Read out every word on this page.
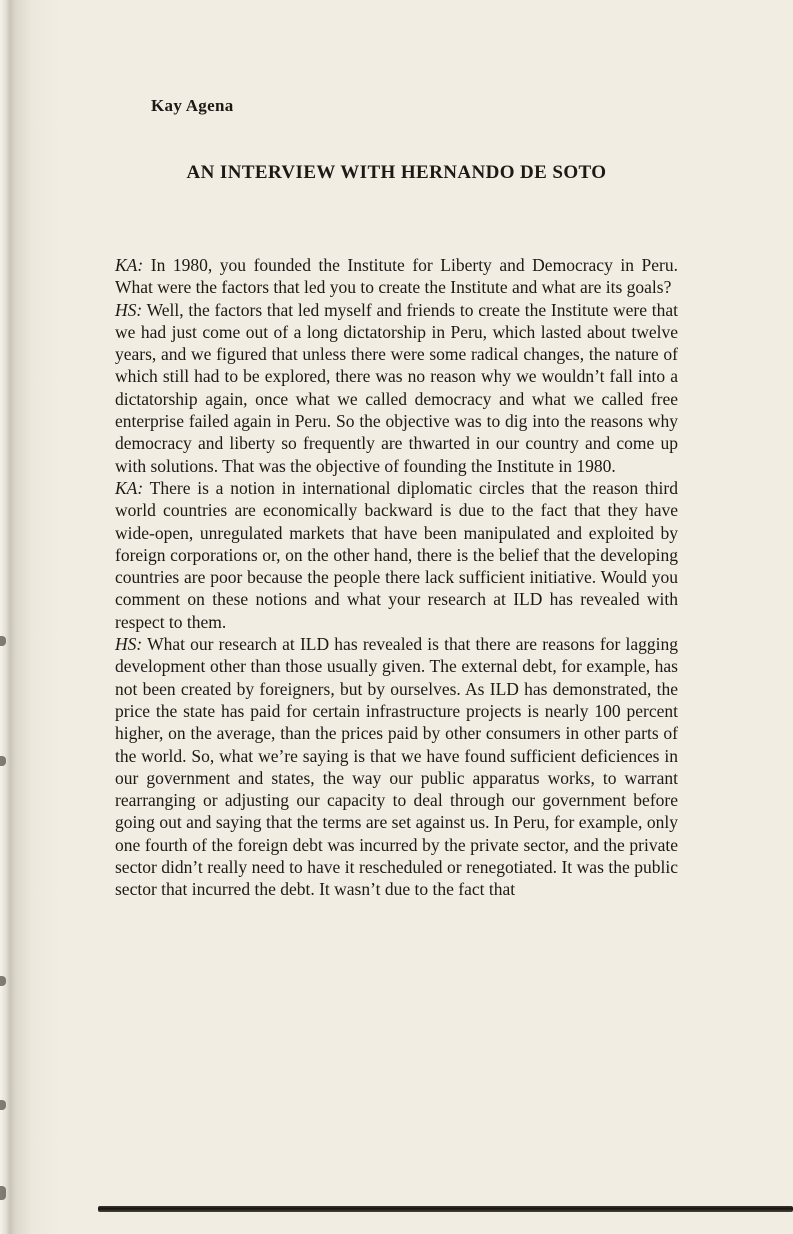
Kay Agena
AN INTERVIEW WITH HERNANDO DE SOTO

KA: In 1980, you founded the Institute for Liberty and Democracy in Peru. What were the factors that led you to create the Institute and what are its goals?

HS: Well, the factors that led myself and friends to create the Institute were that we had just come out of a long dictatorship in Peru, which lasted about twelve years, and we figured that unless there were some radical changes, the nature of which still had to be explored, there was no reason why we wouldn’t fall into a dictatorship again, once what we called democracy and what we called free enterprise failed again in Peru. So the objective was to dig into the reasons why democracy and liberty so frequently are thwarted in our country and come up with solutions. That was the objective of founding the Institute in 1980.

KA: There is a notion in international diplomatic circles that the reason third world countries are economically backward is due to the fact that they have wide-open, unregulated markets that have been manipulated and exploited by foreign corporations or, on the other hand, there is the belief that the developing countries are poor because the people there lack sufficient initiative. Would you comment on these notions and what your research at ILD has revealed with respect to them.

HS: What our research at ILD has revealed is that there are reasons for lagging development other than those usually given. The external debt, for example, has not been created by foreigners, but by ourselves. As ILD has demonstrated, the price the state has paid for certain infrastructure projects is nearly 100 percent higher, on the average, than the prices paid by other consumers in other parts of the world. So, what we’re saying is that we have found sufficient deficiences in our government and states, the way our public apparatus works, to warrant rearranging or adjusting our capacity to deal through our government before going out and saying that the terms are set against us. In Peru, for example, only one fourth of the foreign debt was incurred by the private sector, and the private sector didn’t really need to have it rescheduled or renegotiated. It was the public sector that incurred the debt. It wasn’t due to the fact that
